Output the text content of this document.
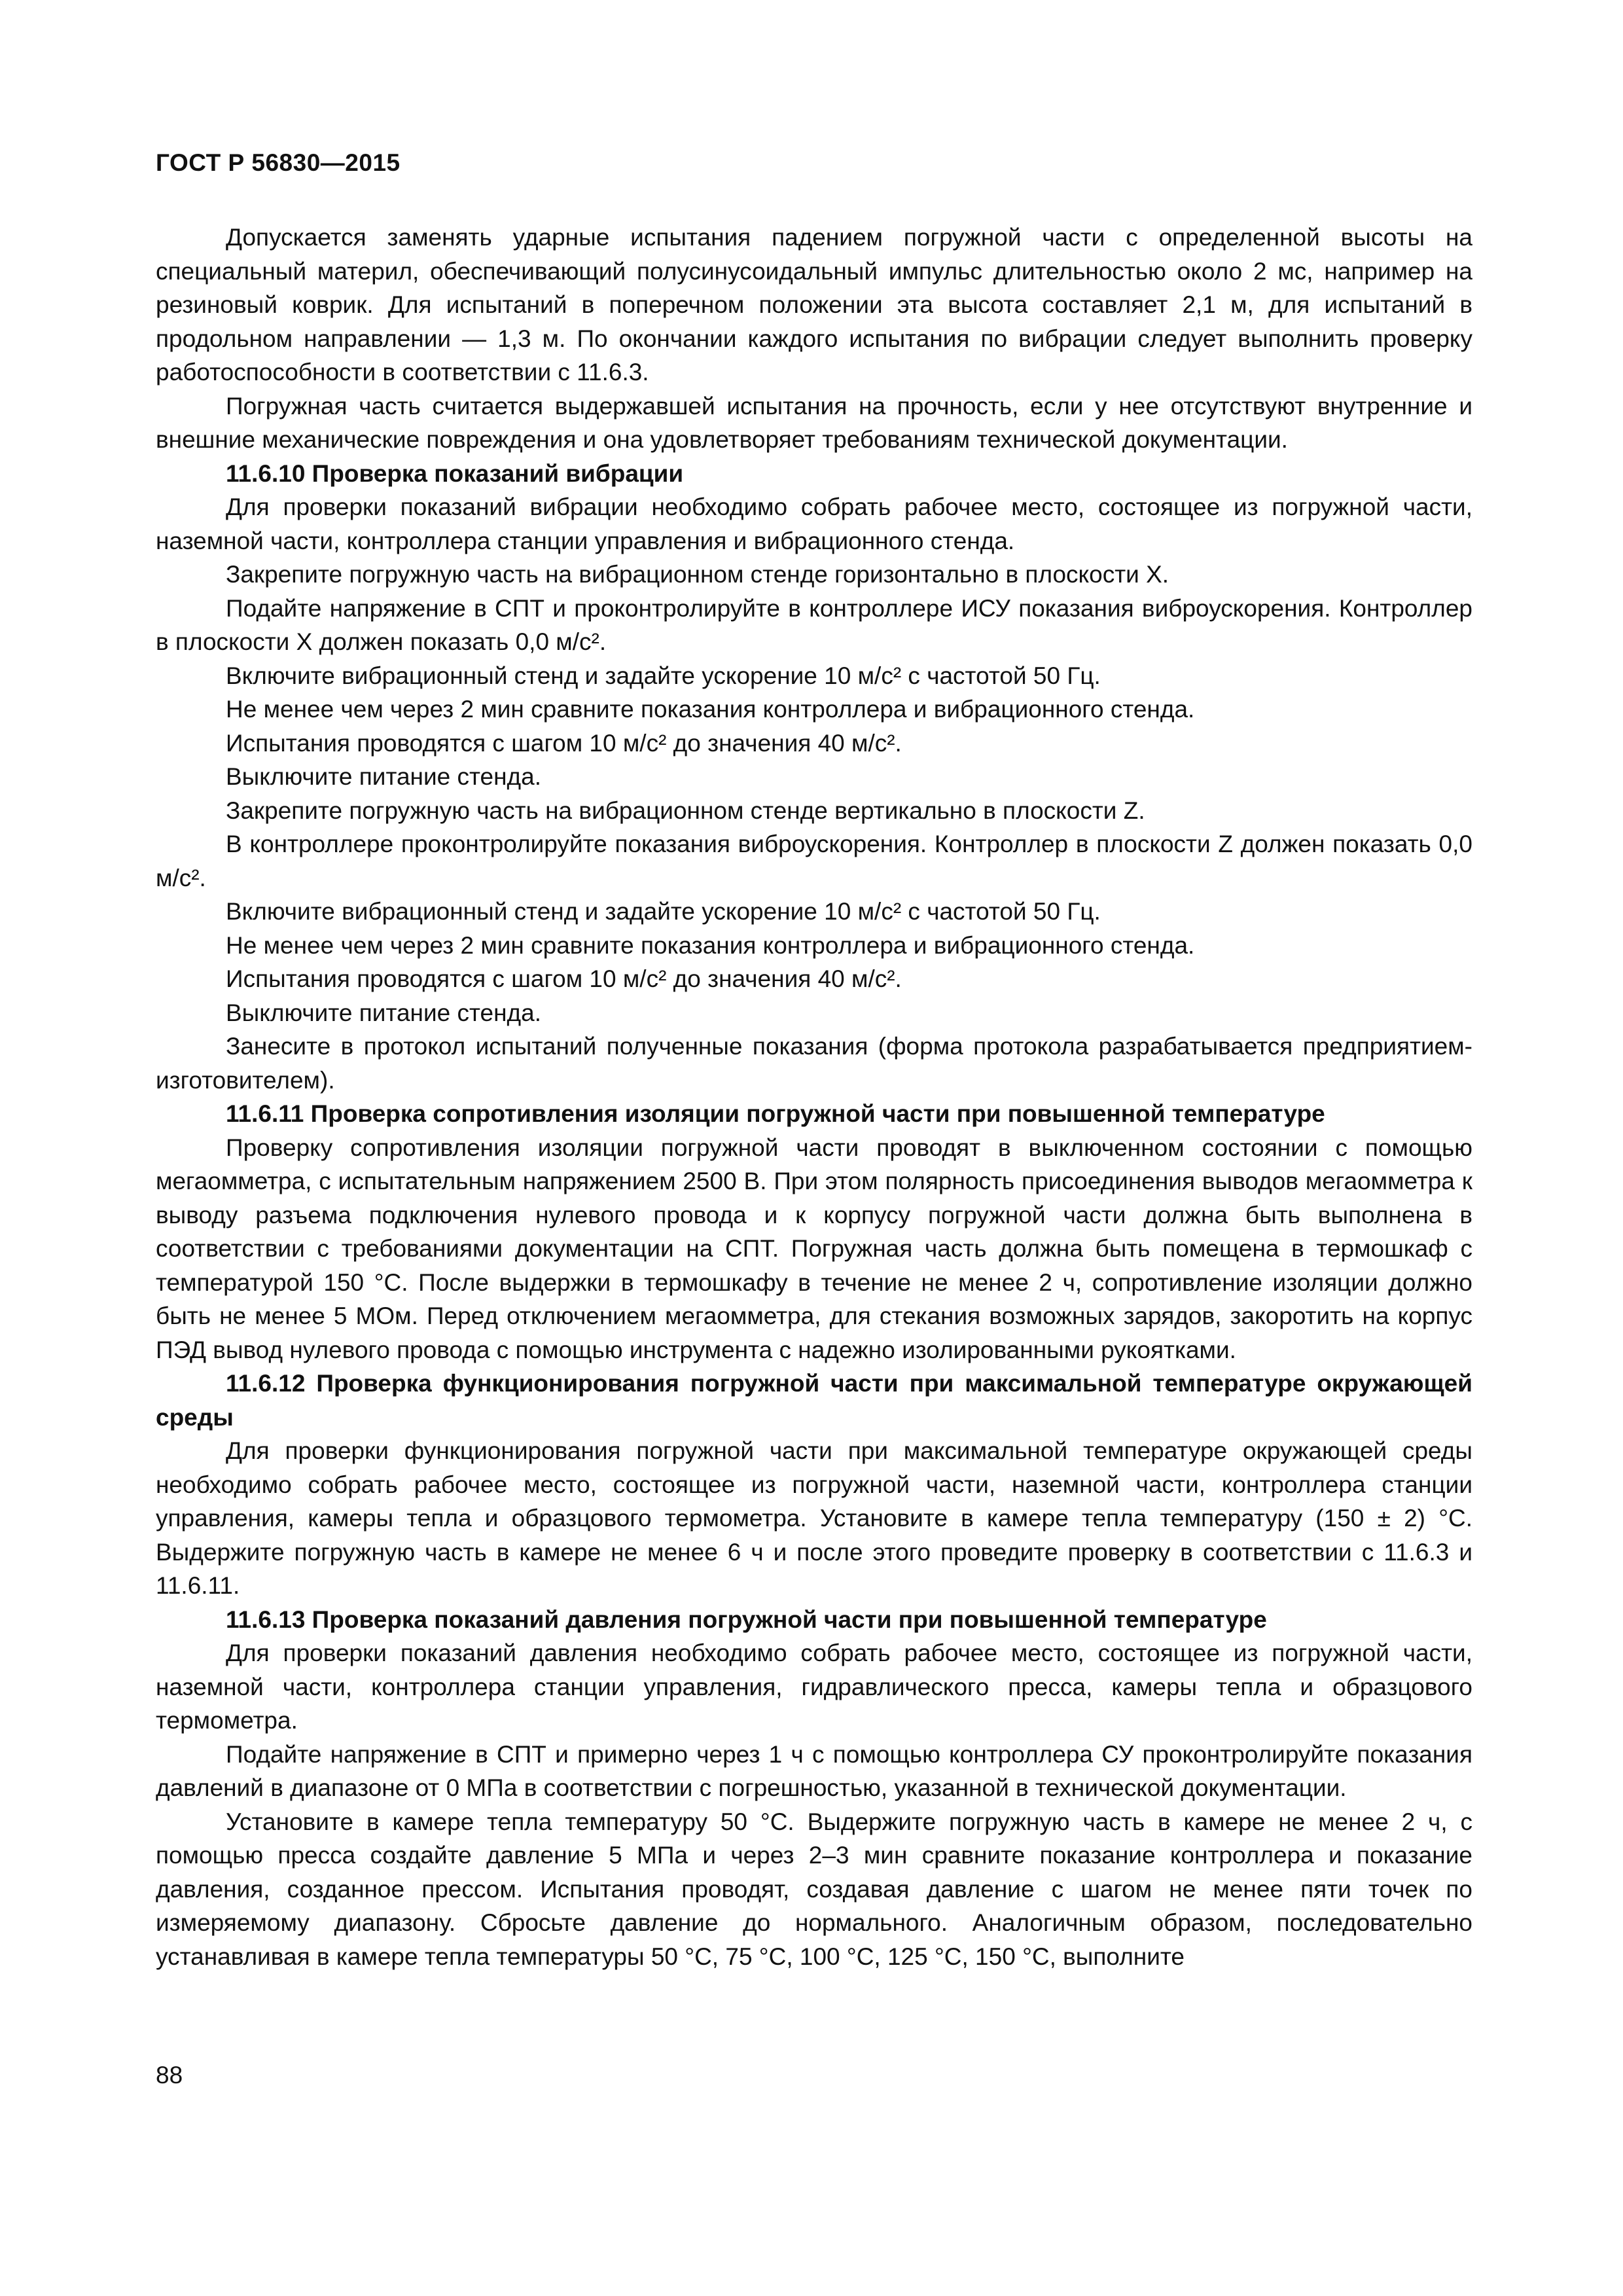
ГОСТ Р 56830—2015

Допускается заменять ударные испытания падением погружной части с определенной высоты на специальный материл, обеспечивающий полусинусоидальный импульс длительностью около 2 мс, например на резиновый коврик. Для испытаний в поперечном положении эта высота составляет 2,1 м, для испытаний в продольном направлении — 1,3 м. По окончании каждого испытания по вибрации следует выполнить проверку работоспособности в соответствии с 11.6.3.

Погружная часть считается выдержавшей испытания на прочность, если у нее отсутствуют внутренние и внешние механические повреждения и она удовлетворяет требованиям технической документации.

11.6.10 Проверка показаний вибрации

Для проверки показаний вибрации необходимо собрать рабочее место, состоящее из погружной части, наземной части, контроллера станции управления и вибрационного стенда.

Закрепите погружную часть на вибрационном стенде горизонтально в плоскости X.

Подайте напряжение в СПТ и проконтролируйте в контроллере ИСУ показания виброускорения. Контроллер в плоскости X должен показать 0,0 м/с².

Включите вибрационный стенд и задайте ускорение 10 м/с² с частотой 50 Гц.

Не менее чем через 2 мин сравните показания контроллера и вибрационного стенда.

Испытания проводятся с шагом 10 м/с² до значения 40 м/с².

Выключите питание стенда.

Закрепите погружную часть на вибрационном стенде вертикально в плоскости Z.

В контроллере проконтролируйте показания виброускорения. Контроллер в плоскости Z должен показать 0,0 м/с².

Включите вибрационный стенд и задайте ускорение 10 м/с² с частотой 50 Гц.

Не менее чем через 2 мин сравните показания контроллера и вибрационного стенда.

Испытания проводятся с шагом 10 м/с² до значения 40 м/с².

Выключите питание стенда.

Занесите в протокол испытаний полученные показания (форма протокола разрабатывается предприятием-изготовителем).

11.6.11 Проверка сопротивления изоляции погружной части при повышенной температуре

Проверку сопротивления изоляции погружной части проводят в выключенном состоянии с помощью мегаомметра, с испытательным напряжением 2500 В. При этом полярность присоединения выводов мегаомметра к выводу разъема подключения нулевого провода и к корпусу погружной части должна быть выполнена в соответствии с требованиями документации на СПТ. Погружная часть должна быть помещена в термошкаф с температурой 150 °С. После выдержки в термошкафу в течение не менее 2 ч, сопротивление изоляции должно быть не менее 5 МОм. Перед отключением мегаомметра, для стекания возможных зарядов, закоротить на корпус ПЭД вывод нулевого провода с помощью инструмента с надежно изолированными рукоятками.

11.6.12 Проверка функционирования погружной части при максимальной температуре окружающей среды

Для проверки функционирования погружной части при максимальной температуре окружающей среды необходимо собрать рабочее место, состоящее из погружной части, наземной части, контроллера станции управления, камеры тепла и образцового термометра. Установите в камере тепла температуру (150 ± 2) °С. Выдержите погружную часть в камере не менее 6 ч и после этого проведите проверку в соответствии с 11.6.3 и 11.6.11.

11.6.13 Проверка показаний давления погружной части при повышенной температуре

Для проверки показаний давления необходимо собрать рабочее место, состоящее из погружной части, наземной части, контроллера станции управления, гидравлического пресса, камеры тепла и образцового термометра.

Подайте напряжение в СПТ и примерно через 1 ч с помощью контроллера СУ проконтролируйте показания давлений в диапазоне от 0 МПа в соответствии с погрешностью, указанной в технической документации.

Установите в камере тепла температуру 50 °С. Выдержите погружную часть в камере не менее 2 ч, с помощью пресса создайте давление 5 МПа и через 2–3 мин сравните показание контроллера и показание давления, созданное прессом. Испытания проводят, создавая давление с шагом не менее пяти точек по измеряемому диапазону. Сбросьте давление до нормального. Аналогичным образом, последовательно устанавливая в камере тепла температуры 50 °С, 75 °С, 100 °С, 125 °С, 150 °С, выполните

88
